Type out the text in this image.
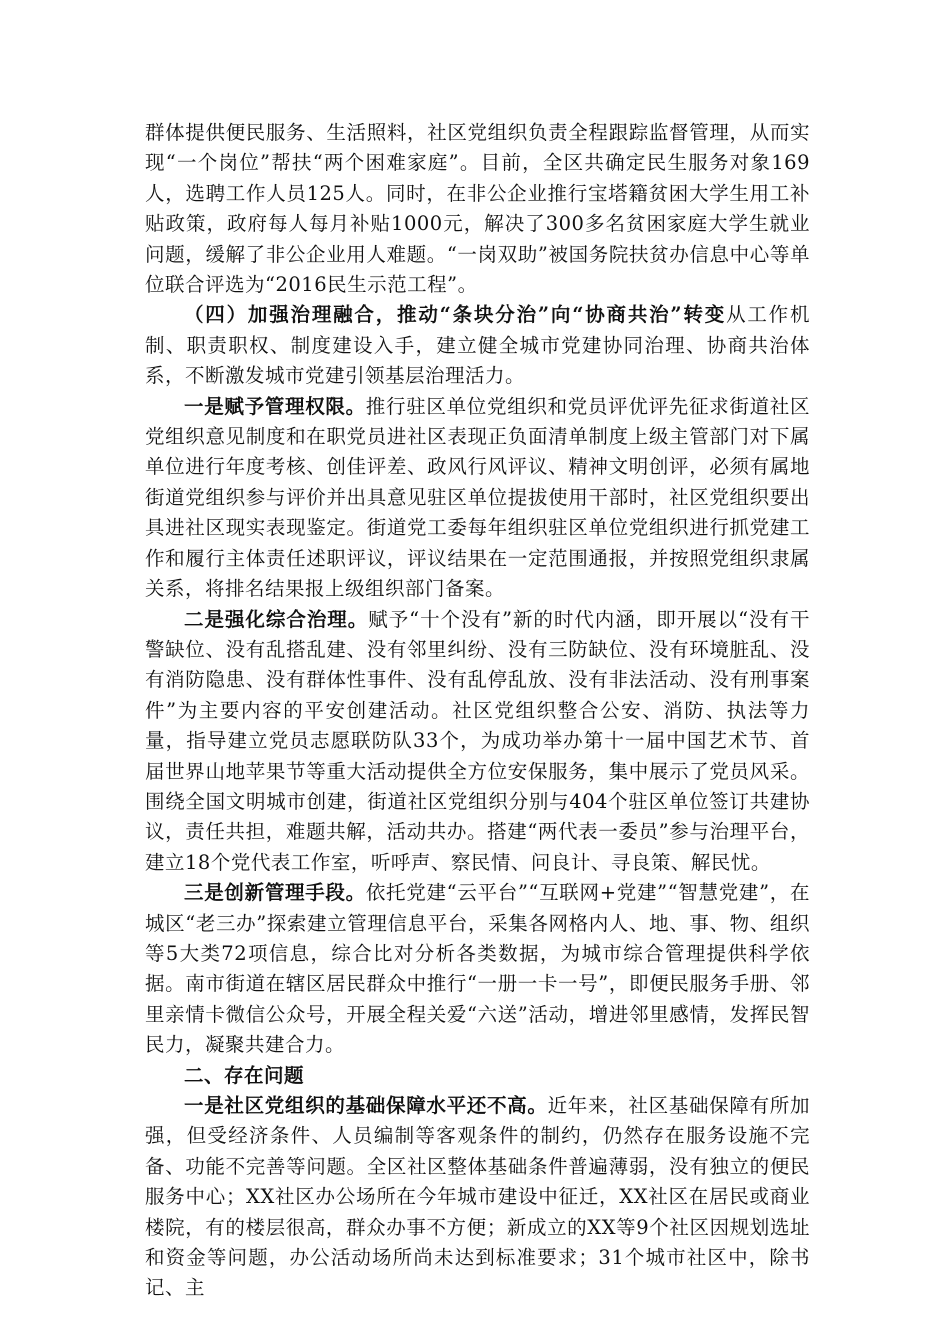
群体提供便民服务、生活照料，社区党组织负责全程跟踪监督管理，从而实现“一个岗位”帮扶“两个困难家庭”。目前，全区共确定民生服务对象169人，选聘工作人员125人。同时，在非公企业推行宝塔籍贫困大学生用工补贴政策，政府每人每月补贴1000元，解决了300多名贫困家庭大学生就业问题，缓解了非公企业用人难题。“一岗双助”被国务院扶贫办信息中心等单位联合评选为“2016民生示范工程”。

（四）加强治理融合，推动“条块分治”向“协商共治”转变从工作机制、职责职权、制度建设入手，建立健全城市党建协同治理、协商共治体系，不断激发城市党建引领基层治理活力。

一是赋予管理权限。推行驻区单位党组织和党员评优评先征求街道社区党组织意见制度和在职党员进社区表现正负面清单制度上级主管部门对下属单位进行年度考核、创佳评差、政风行风评议、精神文明创评，必须有属地街道党组织参与评价并出具意见驻区单位提拔使用干部时，社区党组织要出具进社区现实表现鉴定。街道党工委每年组织驻区单位党组织进行抓党建工作和履行主体责任述职评议，评议结果在一定范围通报，并按照党组织隶属关系，将排名结果报上级组织部门备案。

二是强化综合治理。赋予“十个没有”新的时代内涵，即开展以“没有干警缺位、没有乱搭乱建、没有邻里纠纷、没有三防缺位、没有环境脏乱、没有消防隐患、没有群体性事件、没有乱停乱放、没有非法活动、没有刑事案件”为主要内容的平安创建活动。社区党组织整合公安、消防、执法等力量，指导建立党员志愿联防队33个，为成功举办第十一届中国艺术节、首届世界山地苹果节等重大活动提供全方位安保服务，集中展示了党员风采。围绕全国文明城市创建，街道社区党组织分别与404个驻区单位签订共建协议，责任共担，难题共解，活动共办。搭建“两代表一委员”参与治理平台，建立18个党代表工作室，听呼声、察民情、问良计、寻良策、解民忧。

三是创新管理手段。依托党建“云平台”“互联网+党建”“智慧党建”，在城区“老三办”探索建立管理信息平台，采集各网格内人、地、事、物、组织等5大类72项信息，综合比对分析各类数据，为城市综合管理提供科学依据。南市街道在辖区居民群众中推行“一册一卡一号”，即便民服务手册、邻里亲情卡微信公众号，开展全程关爱“六送”活动，增进邻里感情，发挥民智民力，凝聚共建合力。

二、存在问题

一是社区党组织的基础保障水平还不高。近年来，社区基础保障有所加强，但受经济条件、人员编制等客观条件的制约，仍然存在服务设施不完备、功能不完善等问题。全区社区整体基础条件普遍薄弱，没有独立的便民服务中心；XX社区办公场所在今年城市建设中征迁，XX社区在居民或商业楼院，有的楼层很高，群众办事不方便；新成立的XX等9个社区因规划选址和资金等问题，办公活动场所尚未达到标准要求；31个城市社区中，除书记、主
